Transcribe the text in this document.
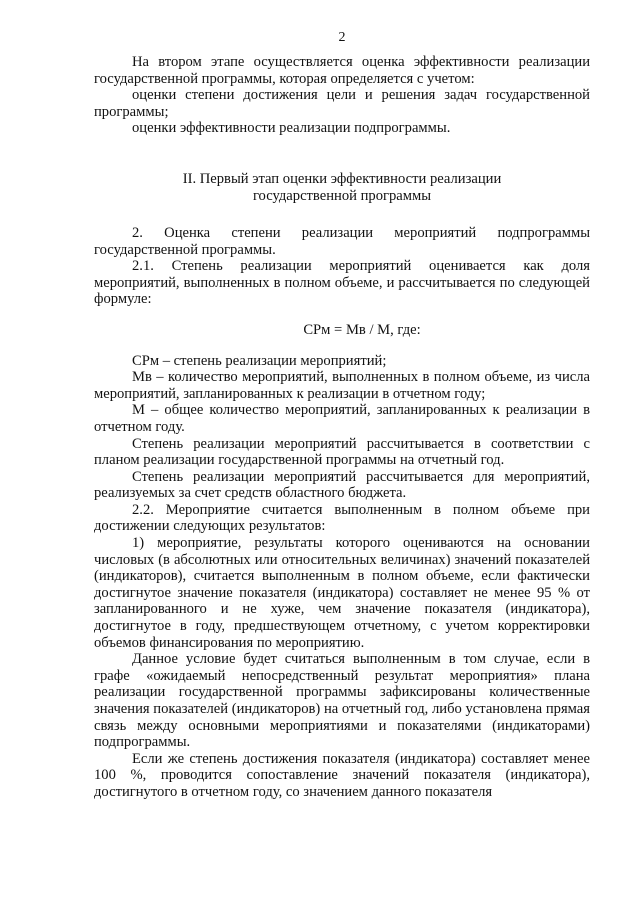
2

На втором этапе осуществляется оценка эффективности реализации государственной программы, которая определяется с учетом:

оценки степени достижения цели и решения задач государственной программы;

оценки эффективности реализации подпрограммы.

II. Первый этап оценки эффективности реализации

государственной программы

2. Оценка степени реализации мероприятий подпрограммы государственной программы.

2.1. Степень реализации мероприятий оценивается как доля мероприятий, выполненных в полном объеме, и рассчитывается по следующей формуле:

СРм = Мв / М, где:

СРм – степень реализации мероприятий;

Мв – количество мероприятий, выполненных в полном объеме, из числа мероприятий, запланированных к реализации в отчетном году;

М – общее количество мероприятий, запланированных к реализации в отчетном году.

Степень реализации мероприятий рассчитывается в соответствии с планом реализации государственной программы на отчетный год.

Степень реализации мероприятий рассчитывается для мероприятий, реализуемых за счет средств областного бюджета.

2.2. Мероприятие считается выполненным в полном объеме при достижении следующих результатов:

1) мероприятие, результаты которого оцениваются на основании числовых (в абсолютных или относительных величинах) значений показателей (индикаторов), считается выполненным в полном объеме, если фактически достигнутое значение показателя (индикатора) составляет не менее 95 % от запланированного и не хуже, чем значение показателя (индикатора), достигнутое в году, предшествующем отчетному, с учетом корректировки объемов финансирования по мероприятию.

Данное условие будет считаться выполненным в том случае, если в графе «ожидаемый непосредственный результат мероприятия» плана реализации государственной программы зафиксированы количественные значения показателей (индикаторов) на отчетный год, либо установлена прямая связь между основными мероприятиями и показателями (индикаторами) подпрограммы.

Если же степень достижения показателя (индикатора) составляет менее 100 %, проводится сопоставление значений показателя (индикатора), достигнутого в отчетном году, со значением данного показателя
